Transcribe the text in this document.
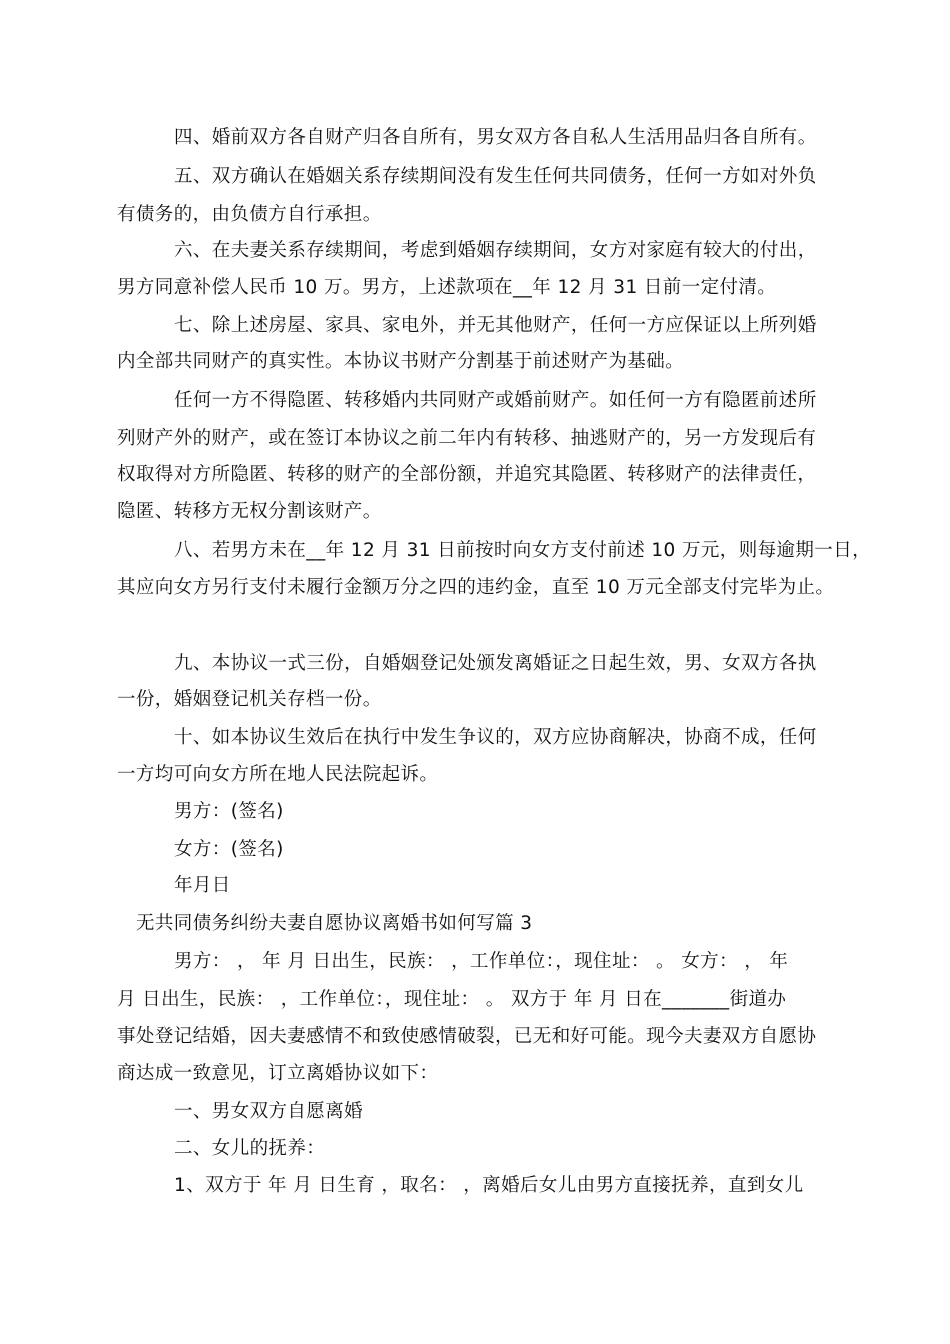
四、婚前双方各自财产归各自所有，男女双方各自私人生活用品归各自所有。
五、双方确认在婚姻关系存续期间没有发生任何共同债务，任何一方如对外负
有债务的，由负债方自行承担。
六、在夫妻关系存续期间，考虑到婚姻存续期间，女方对家庭有较大的付出，
男方同意补偿人民币 10 万。男方，上述款项在__年 12 月 31 日前一定付清。
七、除上述房屋、家具、家电外，并无其他财产，任何一方应保证以上所列婚
内全部共同财产的真实性。本协议书财产分割基于前述财产为基础。
任何一方不得隐匿、转移婚内共同财产或婚前财产。如任何一方有隐匿前述所
列财产外的财产，或在签订本协议之前二年内有转移、抽逃财产的，另一方发现后有
权取得对方所隐匿、转移的财产的全部份额，并追究其隐匿、转移财产的法律责任，
隐匿、转移方无权分割该财产。
八、若男方未在__年 12 月 31 日前按时向女方支付前述 10 万元，则每逾期一日，
其应向女方另行支付未履行金额万分之四的违约金，直至 10 万元全部支付完毕为止。
九、本协议一式三份，自婚姻登记处颁发离婚证之日起生效，男、女双方各执
一份，婚姻登记机关存档一份。
十、如本协议生效后在执行中发生争议的，双方应协商解决，协商不成，任何
一方均可向女方所在地人民法院起诉。
男方：(签名)
女方：(签名)
年月日
无共同债务纠纷夫妻自愿协议离婚书如何写篇 3
男方： ， 年 月 日出生，民族： ，工作单位：，现住址： 。 女方： ， 年
月 日出生，民族： ，工作单位：，现住址： 。 双方于 年 月 日在_______街道办
事处登记结婚，因夫妻感情不和致使感情破裂，已无和好可能。现今夫妻双方自愿协
商达成一致意见，订立离婚协议如下：
一、男女双方自愿离婚
二、女儿的抚养：
1、双方于 年 月 日生育 ，取名： ，离婚后女儿由男方直接抚养，直到女儿
